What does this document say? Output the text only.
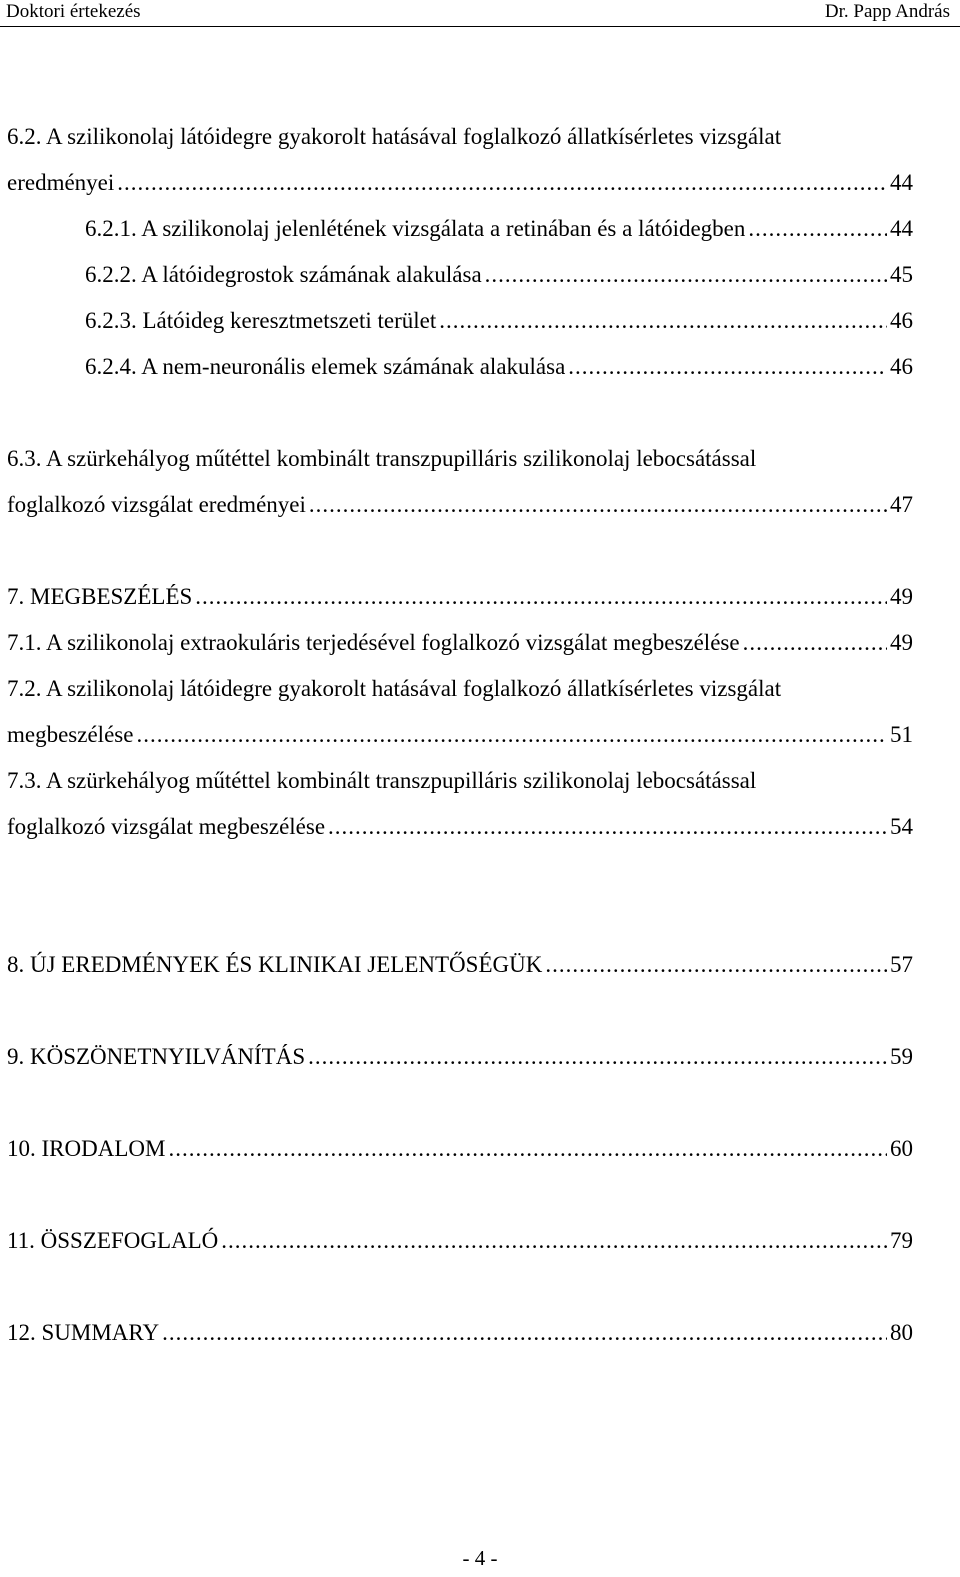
Doktori értekezés	Dr. Papp András
6.2. A szilikonolaj látóidegre gyakorolt hatásával foglalkozó állatkísérletes vizsgálat
eredményei .....	44
6.2.1. A szilikonolaj jelenlétének vizsgálata a retinában és a látóidegben .....	44
6.2.2. A látóidegrostok számának alakulása .....	45
6.2.3. Látóideg keresztmetszeti terület .....	46
6.2.4. A nem-neuronális elemek számának alakulása .....	46
6.3. A szürkehályog műtéttel kombinált transzpupilláris szilikonolaj lebocsátással
foglalkozó vizsgálat eredményei .....	47
7. MEGBESZÉLÉS .....	49
7.1. A szilikonolaj extraokuláris terjedésével foglalkozó vizsgálat megbeszélése .....	49
7.2. A szilikonolaj látóidegre gyakorolt hatásával foglalkozó állatkísérletes vizsgálat
megbeszélése .....	51
7.3. A szürkehályog műtéttel kombinált transzpupilláris szilikonolaj lebocsátással
foglalkozó vizsgálat megbeszélése .....	54
8. ÚJ EREDMÉNYEK ÉS KLINIKAI JELENTŐSÉGÜK .....	57
9. KÖSZÖNETNYILVÁNÍTÁS .....	59
10. IRODALOM .....	60
11. ÖSSZEFOGLALÓ .....	79
12. SUMMARY .....	80
- 4 -
